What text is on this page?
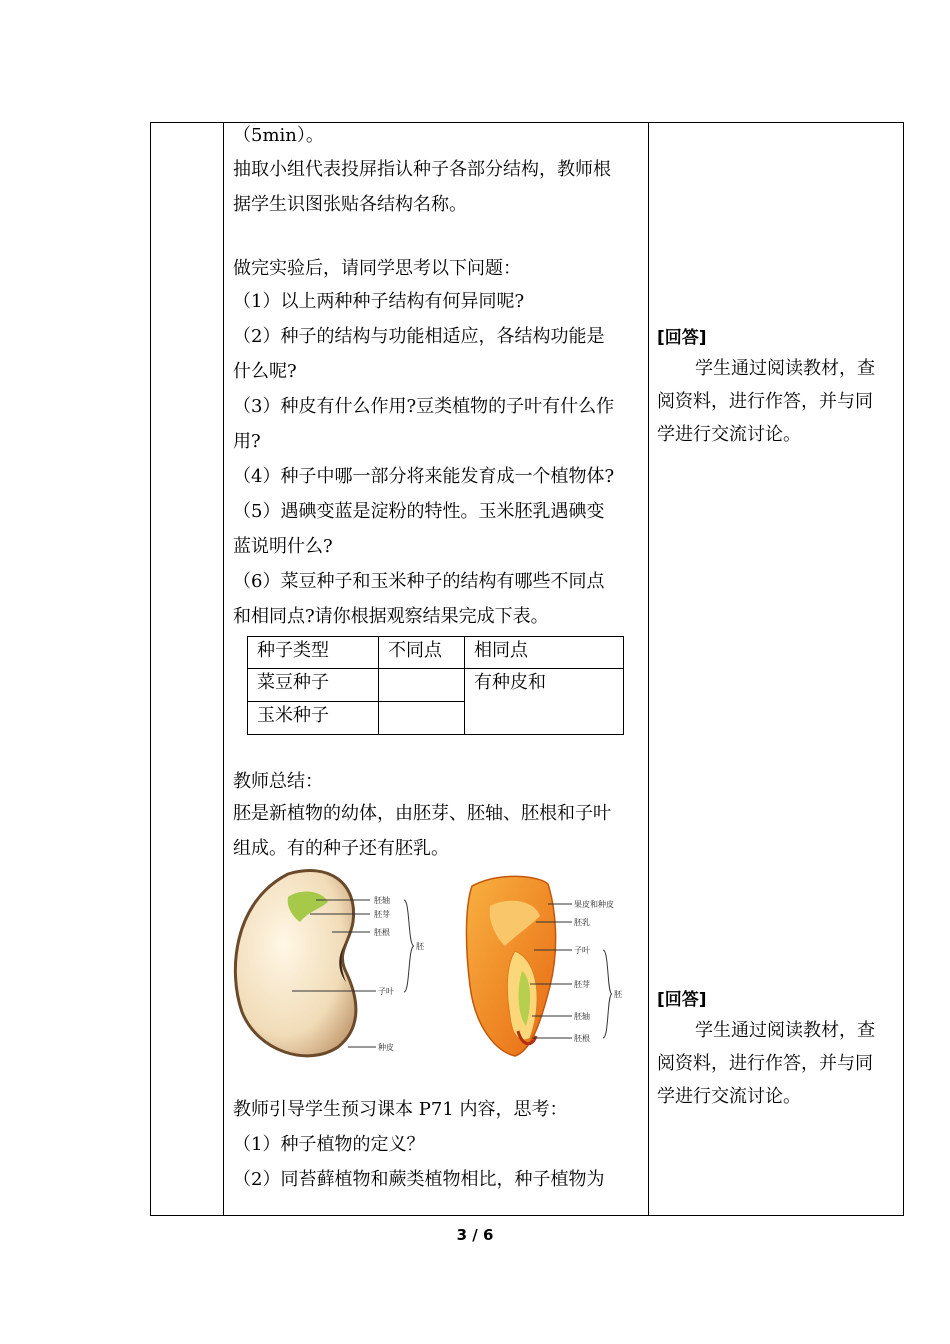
（5min）。
抽取小组代表投屏指认种子各部分结构，教师根
据学生识图张贴各结构名称。
做完实验后，请同学思考以下问题：
（1）以上两种种子结构有何异同呢?
（2）种子的结构与功能相适应，各结构功能是
什么呢?
（3）种皮有什么作用?豆类植物的子叶有什么作
用?
（4）种子中哪一部分将来能发育成一个植物体?
（5）遇碘变蓝是淀粉的特性。玉米胚乳遇碘变
蓝说明什么?
（6）菜豆种子和玉米种子的结构有哪些不同点
和相同点?请你根据观察结果完成下表。
种子类型	不同点 相同点
菜豆种子	有种皮和
玉米种子
教师总结：
胚是新植物的幼体，由胚芽、胚轴、胚根和子叶
组成。有的种子还有胚乳。
胚轴
胚芽
胚根
胚
子叶
种皮
果皮和种皮
胚乳
子叶
胚芽
胚
胚轴
胚根
教师引导学生预习课本 P71 内容，思考：
（1）种子植物的定义？
（2）同苔藓植物和蕨类植物相比，种子植物为
[回答]
学生通过阅读教材，查
阅资料，进行作答，并与同
学进行交流讨论。
[回答]
学生通过阅读教材，查
阅资料，进行作答，并与同
学进行交流讨论。
3 / 6
